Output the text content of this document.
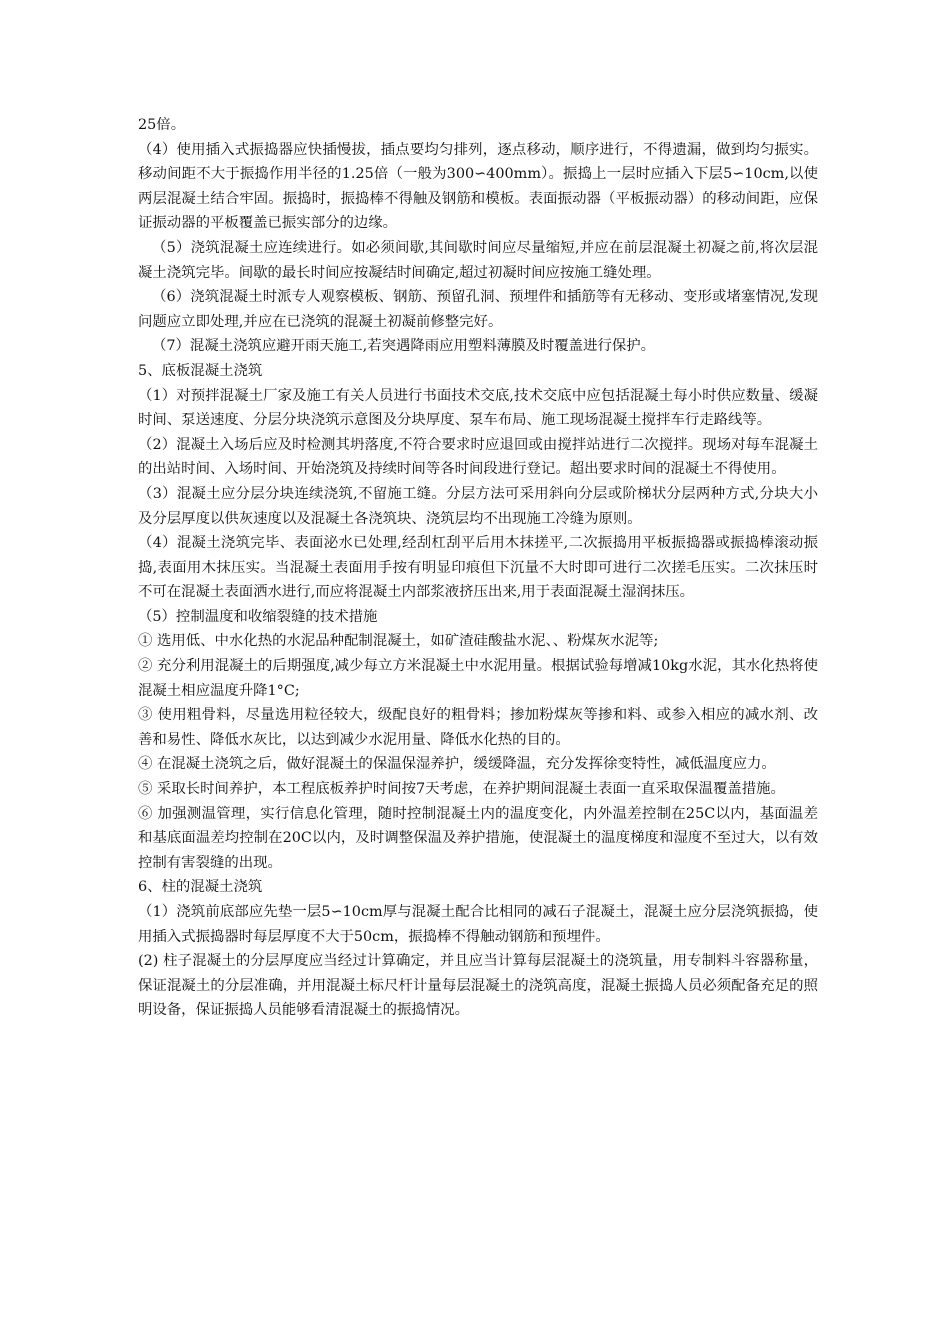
25倍。

（4）使用插入式振捣器应快插慢拔，插点要均匀排列，逐点移动，顺序进行，不得遗漏，做到均匀振实。移动间距不大于振捣作用半径的1.25倍（一般为300∽400mm）。振捣上一层时应插入下层5∽10cm,以使两层混凝土结合牢固。振捣时，振捣棒不得触及钢筋和模板。表面振动器（平板振动器）的移动间距，应保证振动器的平板覆盖已振实部分的边缘。

（5）浇筑混凝土应连续进行。如必须间歇,其间歇时间应尽量缩短,并应在前层混凝土初凝之前,将次层混凝土浇筑完毕。间歇的最长时间应按凝结时间确定,超过初凝时间应按施工缝处理。

（6）浇筑混凝土时派专人观察模板、钢筋、预留孔洞、预埋件和插筋等有无移动、变形或堵塞情况,发现问题应立即处理,并应在已浇筑的混凝土初凝前修整完好。

（7）混凝土浇筑应避开雨天施工,若突遇降雨应用塑料薄膜及时覆盖进行保护。

5、底板混凝土浇筑

（1）对预拌混凝土厂家及施工有关人员进行书面技术交底,技术交底中应包括混凝土每小时供应数量、缓凝时间、泵送速度、分层分块浇筑示意图及分块厚度、泵车布局、施工现场混凝土搅拌车行走路线等。

（2）混凝土入场后应及时检测其坍落度,不符合要求时应退回或由搅拌站进行二次搅拌。现场对每车混凝土的出站时间、入场时间、开始浇筑及持续时间等各时间段进行登记。超出要求时间的混凝土不得使用。

（3）混凝土应分层分块连续浇筑,不留施工缝。分层方法可采用斜向分层或阶梯状分层两种方式,分块大小及分层厚度以供灰速度以及混凝土各浇筑块、浇筑层均不出现施工冷缝为原则。

（4）混凝土浇筑完毕、表面泌水已处理,经刮杠刮平后用木抹搓平,二次振捣用平板振捣器或振捣棒滚动振捣,表面用木抹压实。当混凝土表面用手按有明显印痕但下沉量不大时即可进行二次搓毛压实。二次抹压时不可在混凝土表面洒水进行,而应将混凝土内部浆液挤压出来,用于表面混凝土湿润抹压。

（5）控制温度和收缩裂缝的技术措施

① 选用低、中水化热的水泥品种配制混凝土，如矿渣硅酸盐水泥、、粉煤灰水泥等;

② 充分利用混凝土的后期强度,减少每立方米混凝土中水泥用量。根据试验每增减10kg水泥，其水化热将使混凝土相应温度升降1°C;

③ 使用粗骨料，尽量选用粒径较大，级配良好的粗骨料；掺加粉煤灰等掺和料、或参入相应的减水剂、改善和易性、降低水灰比，以达到减少水泥用量、降低水化热的目的。

④ 在混凝土浇筑之后，做好混凝土的保温保湿养护，缓缓降温，充分发挥徐变特性，减低温度应力。

⑤ 采取长时间养护，本工程底板养护时间按7天考虑，在养护期间混凝土表面一直采取保温覆盖措施。

⑥ 加强测温管理，实行信息化管理，随时控制混凝土内的温度变化，内外温差控制在25C以内，基面温差和基底面温差均控制在20C以内，及时调整保温及养护措施，使混凝土的温度梯度和湿度不至过大，以有效控制有害裂缝的出现。

6、柱的混凝土浇筑

（1）浇筑前底部应先垫一层5∽10cm厚与混凝土配合比相同的减石子混凝土，混凝土应分层浇筑振捣，使用插入式振捣器时每层厚度不大于50cm，振捣棒不得触动钢筋和预埋件。

(2) 柱子混凝土的分层厚度应当经过计算确定，并且应当计算每层混凝土的浇筑量，用专制料斗容器称量，保证混凝土的分层准确，并用混凝土标尺杆计量每层混凝土的浇筑高度，混凝土振捣人员必须配备充足的照明设备，保证振捣人员能够看清混凝土的振捣情况。
